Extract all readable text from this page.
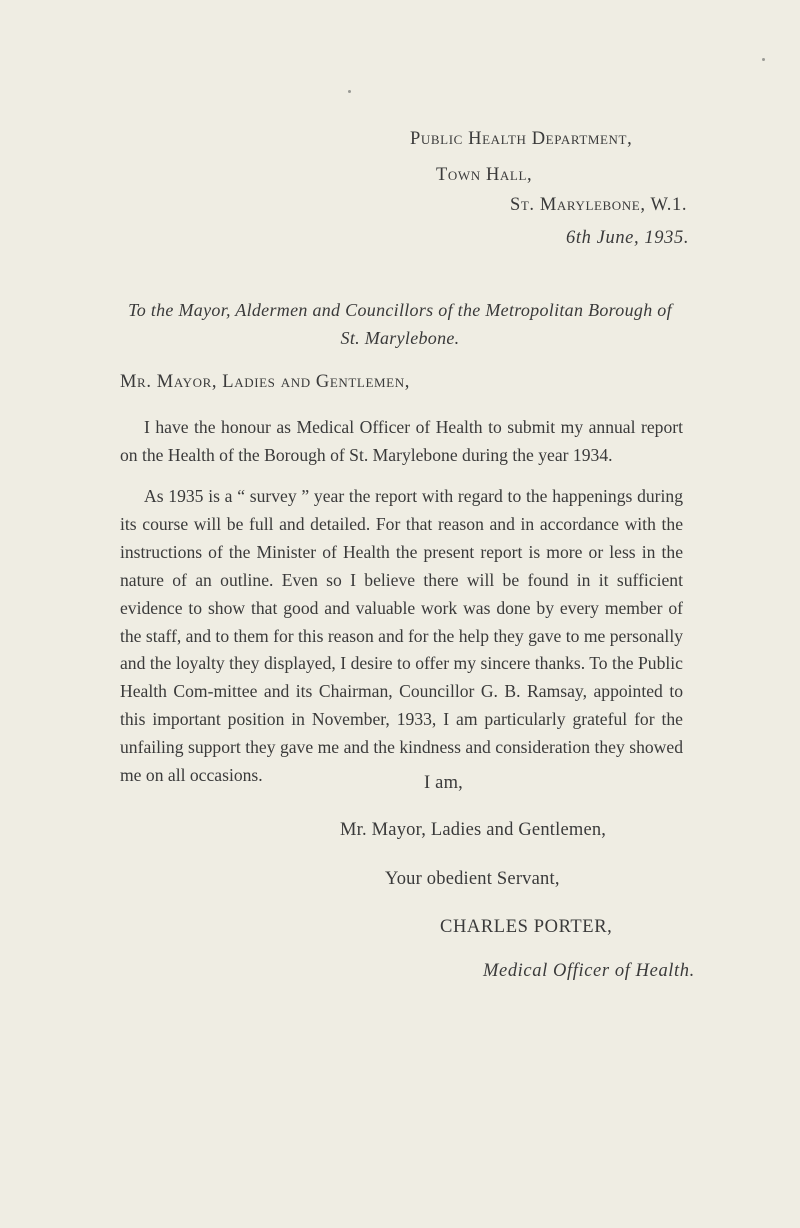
Public Health Department,
Town Hall,
St. Marylebone, W.1.
6th June, 1935.
To the Mayor, Aldermen and Councillors of the Metropolitan Borough of
St. Marylebone.
Mr. Mayor, Ladies and Gentlemen,
I have the honour as Medical Officer of Health to submit my annual report on the Health of the Borough of St. Marylebone during the year 1934.
As 1935 is a “ survey ” year the report with regard to the happenings during its course will be full and detailed. For that reason and in accordance with the instructions of the Minister of Health the present report is more or less in the nature of an outline. Even so I believe there will be found in it sufficient evidence to show that good and valuable work was done by every member of the staff, and to them for this reason and for the help they gave to me personally and the loyalty they displayed, I desire to offer my sincere thanks. To the Public Health Com-mittee and its Chairman, Councillor G. B. Ramsay, appointed to this important position in November, 1933, I am particularly grateful for the unfailing support they gave me and the kindness and consideration they showed me on all occasions.	I am,
Mr. Mayor, Ladies and Gentlemen,
Your obedient Servant,
CHARLES PORTER,
Medical Officer of Health.
